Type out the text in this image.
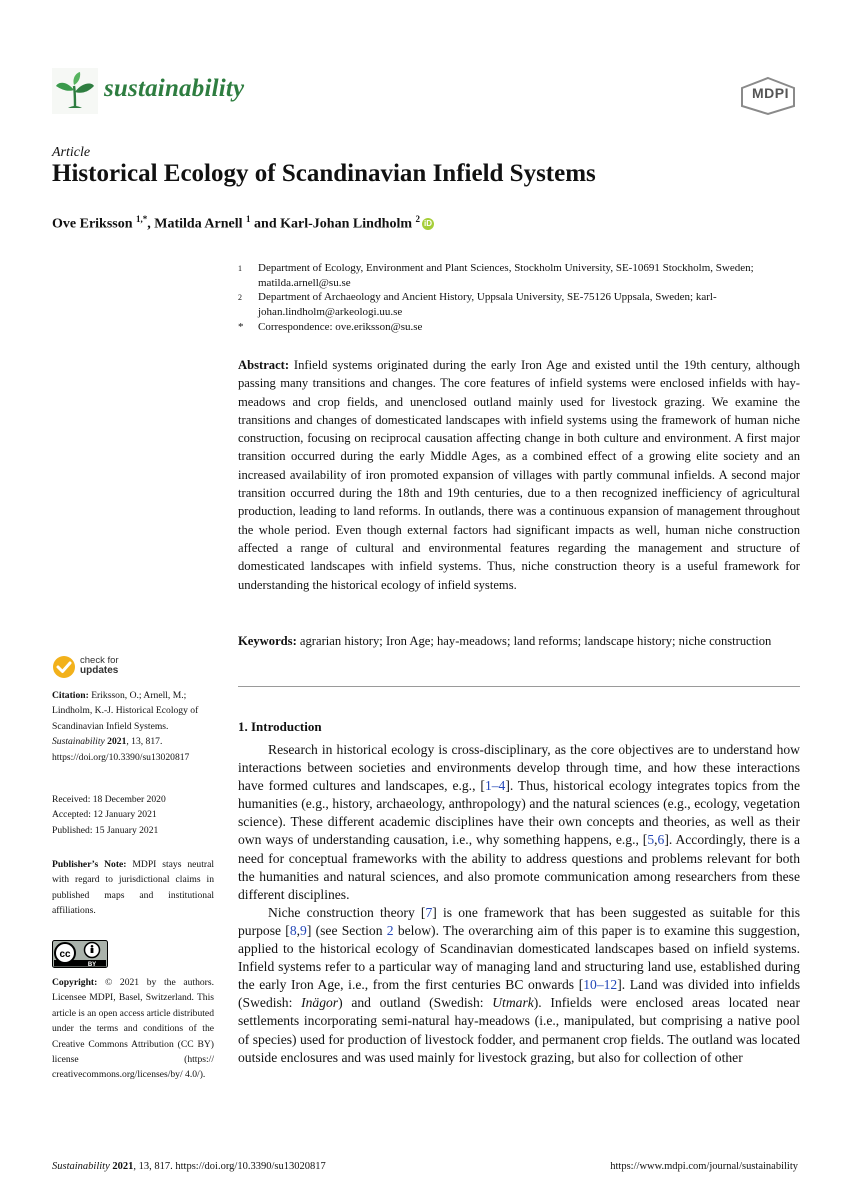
sustainability	MDPI
Article
Historical Ecology of Scandinavian Infield Systems
Ove Eriksson $^{1,*}$, Matilda Arnell $^1$ and Karl-Johan Lindholm $^2$ iD
1 Department of Ecology, Environment and Plant Sciences, Stockholm University, SE-10691 Stockholm, Sweden; matilda.arnell@su.se
2 Department of Archaeology and Ancient History, Uppsala University, SE-75126 Uppsala, Sweden; karl-johan.lindholm@arkeologi.uu.se
* Correspondence: ove.eriksson@su.se
Abstract: Infield systems originated during the early Iron Age and existed until the 19th century, although passing many transitions and changes. The core features of infield systems were enclosed infields with hay-meadows and crop fields, and unenclosed outland mainly used for livestock grazing. We examine the transitions and changes of domesticated landscapes with infield systems using the framework of human niche construction, focusing on reciprocal causation affecting change in both culture and environment. A first major transition occurred during the early Middle Ages, as a combined effect of a growing elite society and an increased availability of iron promoted expansion of villages with partly communal infields. A second major transition occurred during the 18th and 19th centuries, due to a then recognized inefficiency of agricultural production, leading to land reforms. In outlands, there was a continuous expansion of management throughout the whole period. Even though external factors had significant impacts as well, human niche construction affected a range of cultural and environmental features regarding the management and structure of domesticated landscapes with infield systems. Thus, niche construction theory is a useful framework for understanding the historical ecology of infield systems.
Keywords: agrarian history; Iron Age; hay-meadows; land reforms; landscape history; niche construction
check for
updates
Citation: Eriksson, O.; Arnell, M.; Lindholm, K.-J. Historical Ecology of Scandinavian Infield Systems. Sustainability 2021, 13, 817. https://doi.org/10.3390/su13020817
Received: 18 December 2020
Accepted: 12 January 2021
Published: 15 January 2021
Publisher’s Note: MDPI stays neutral with regard to jurisdictional claims in published maps and institutional affiliations.
cc
BY
Copyright: © 2021 by the authors. Licensee MDPI, Basel, Switzerland. This article is an open access article distributed under the terms and conditions of the Creative Commons Attribution (CC BY) license (https:// creativecommons.org/licenses/by/ 4.0/).
1. Introduction

Research in historical ecology is cross-disciplinary, as the core objectives are to understand how interactions between societies and environments develop through time, and how these interactions have formed cultures and landscapes, e.g., [1–4]. Thus, historical ecology integrates topics from the humanities (e.g., history, archaeology, anthropology) and the natural sciences (e.g., ecology, vegetation science). These different academic disciplines have their own concepts and theories, as well as their own ways of understanding causation, i.e., why something happens, e.g., [5,6]. Accordingly, there is a need for conceptual frameworks with the ability to address questions and problems relevant for both the humanities and natural sciences, and also promote communication among researchers from these different disciplines.

Niche construction theory [7] is one framework that has been suggested as suitable for this purpose [8,9] (see Section 2 below). The overarching aim of this paper is to examine this suggestion, applied to the historical ecology of Scandinavian domesticated landscapes based on infield systems. Infield systems refer to a particular way of managing land and structuring land use, established during the early Iron Age, i.e., from the first centuries BC onwards [10–12]. Land was divided into infields (Swedish: Inägor) and outland (Swedish: Utmark). Infields were enclosed areas located near settlements incorporating semi-natural hay-meadows (i.e., manipulated, but comprising a native pool of species) used for production of livestock fodder, and permanent crop fields. The outland was located outside enclosures and was used mainly for livestock grazing, but also for collection of other

Sustainability 2021, 13, 817. https://doi.org/10.3390/su13020817	https://www.mdpi.com/journal/sustainability
